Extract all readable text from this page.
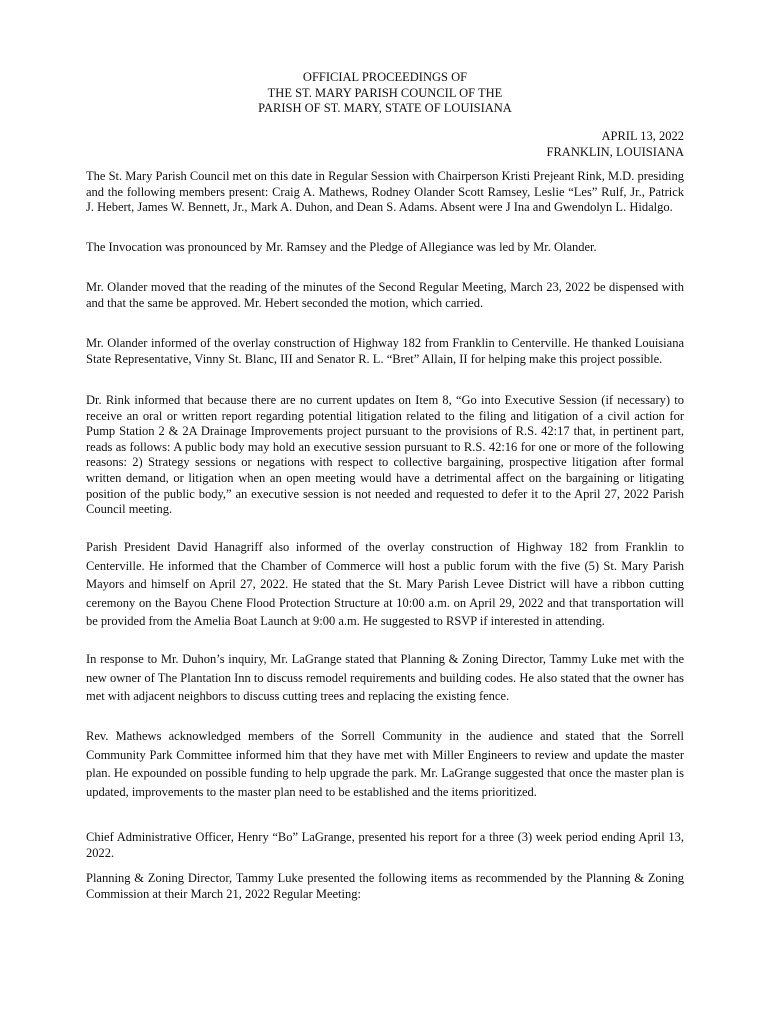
OFFICIAL PROCEEDINGS OF
THE ST. MARY PARISH COUNCIL OF THE
PARISH OF ST. MARY, STATE OF LOUISIANA
APRIL 13, 2022
FRANKLIN, LOUISIANA

The St. Mary Parish Council met on this date in Regular Session with Chairperson Kristi Prejeant Rink, M.D. presiding and the following members present: Craig A. Mathews, Rodney Olander Scott Ramsey, Leslie “Les” Rulf, Jr., Patrick J. Hebert, James W. Bennett, Jr., Mark A. Duhon, and Dean S. Adams. Absent were J Ina and Gwendolyn L. Hidalgo.

The Invocation was pronounced by Mr. Ramsey and the Pledge of Allegiance was led by Mr. Olander.

Mr. Olander moved that the reading of the minutes of the Second Regular Meeting, March 23, 2022 be dispensed with and that the same be approved. Mr. Hebert seconded the motion, which carried.

Mr. Olander informed of the overlay construction of Highway 182 from Franklin to Centerville. He thanked Louisiana State Representative, Vinny St. Blanc, III and Senator R. L. “Bret” Allain, II for helping make this project possible.

Dr. Rink informed that because there are no current updates on Item 8, “Go into Executive Session (if necessary) to receive an oral or written report regarding potential litigation related to the filing and litigation of a civil action for Pump Station 2 & 2A Drainage Improvements project pursuant to the provisions of R.S. 42:17 that, in pertinent part, reads as follows: A public body may hold an executive session pursuant to R.S. 42:16 for one or more of the following reasons: 2) Strategy sessions or negations with respect to collective bargaining, prospective litigation after formal written demand, or litigation when an open meeting would have a detrimental affect on the bargaining or litigating position of the public body,” an executive session is not needed and requested to defer it to the April 27, 2022 Parish Council meeting.

Parish President David Hanagriff also informed of the overlay construction of Highway 182 from Franklin to Centerville. He informed that the Chamber of Commerce will host a public forum with the five (5) St. Mary Parish Mayors and himself on April 27, 2022. He stated that the St. Mary Parish Levee District will have a ribbon cutting ceremony on the Bayou Chene Flood Protection Structure at 10:00 a.m. on April 29, 2022 and that transportation will be provided from the Amelia Boat Launch at 9:00 a.m. He suggested to RSVP if interested in attending.

In response to Mr. Duhon’s inquiry, Mr. LaGrange stated that Planning & Zoning Director, Tammy Luke met with the new owner of The Plantation Inn to discuss remodel requirements and building codes. He also stated that the owner has met with adjacent neighbors to discuss cutting trees and replacing the existing fence.

Rev. Mathews acknowledged members of the Sorrell Community in the audience and stated that the Sorrell Community Park Committee informed him that they have met with Miller Engineers to review and update the master plan. He expounded on possible funding to help upgrade the park. Mr. LaGrange suggested that once the master plan is updated, improvements to the master plan need to be established and the items prioritized.

Chief Administrative Officer, Henry “Bo” LaGrange, presented his report for a three (3) week period ending April 13, 2022.

Planning & Zoning Director, Tammy Luke presented the following items as recommended by the Planning & Zoning Commission at their March 21, 2022 Regular Meeting:
